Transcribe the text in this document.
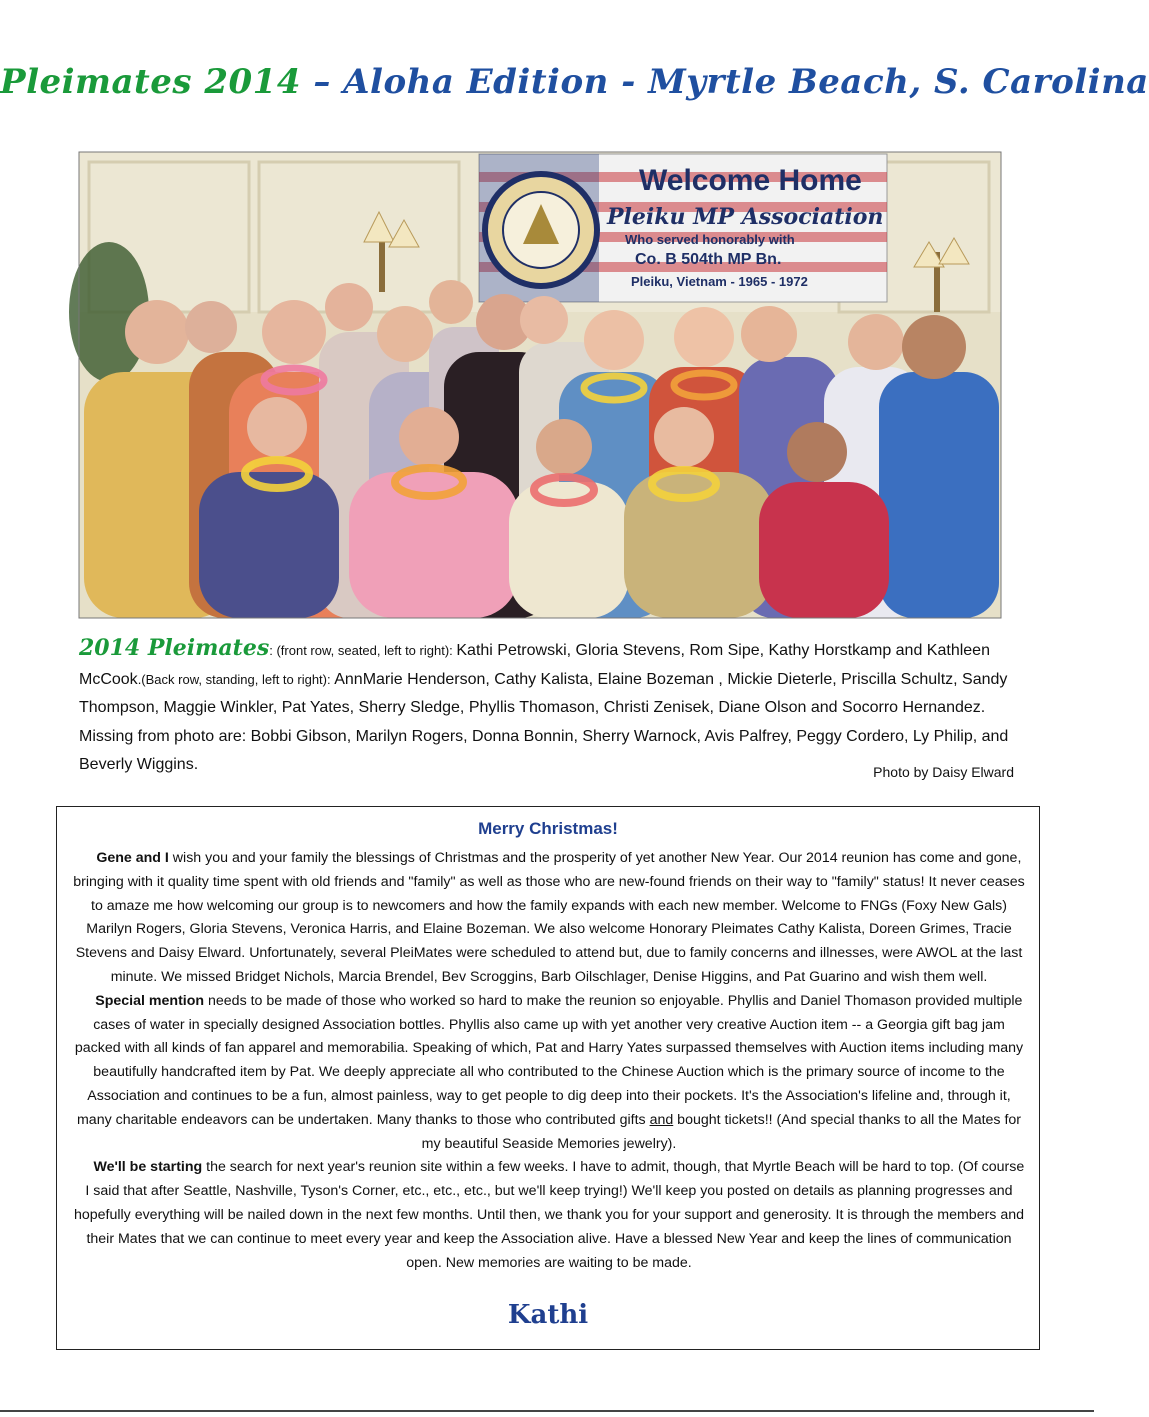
Pleimates 2014 – Aloha Edition - Myrtle Beach, S. Carolina
Welcome Home
Pleiku MP Association
Who served honorably with
Co. B 504th MP Bn.
Pleiku, Vietnam - 1965 - 1972
2014 Pleimates: (front row, seated, left to right): Kathi Petrowski, Gloria Stevens, Rom Sipe, Kathy Horstkamp and Kathleen McCook.(Back row, standing, left to right): AnnMarie Henderson, Cathy Kalista, Elaine Bozeman , Mickie Dieterle, Priscilla Schultz, Sandy Thompson, Maggie Winkler, Pat Yates, Sherry Sledge, Phyllis Thomason, Christi Zenisek, Diane Olson and Socorro Hernandez. Missing from photo are: Bobbi Gibson, Marilyn Rogers, Donna Bonnin, Sherry Warnock, Avis Palfrey, Peggy Cordero, Ly Philip, and Beverly Wiggins.	Photo by Daisy Elward
Merry Christmas!

Gene and I wish you and your family the blessings of Christmas and the prosperity of yet another New Year. Our 2014 reunion has come and gone, bringing with it quality time spent with old friends and "family" as well as those who are new-found friends on their way to "family" status! It never ceases to amaze me how welcoming our group is to newcomers and how the family expands with each new member. Welcome to FNGs (Foxy New Gals) Marilyn Rogers, Gloria Stevens, Veronica Harris, and Elaine Bozeman. We also welcome Honorary Pleimates Cathy Kalista, Doreen Grimes, Tracie Stevens and Daisy Elward. Unfortunately, several PleiMates were scheduled to attend but, due to family concerns and illnesses, were AWOL at the last minute. We missed Bridget Nichols, Marcia Brendel, Bev Scroggins, Barb Oilschlager, Denise Higgins, and Pat Guarino and wish them well.

Special mention needs to be made of those who worked so hard to make the reunion so enjoyable. Phyllis and Daniel Thomason provided multiple cases of water in specially designed Association bottles. Phyllis also came up with yet another very creative Auction item -- a Georgia gift bag jam packed with all kinds of fan apparel and memorabilia. Speaking of which, Pat and Harry Yates surpassed themselves with Auction items including many beautifully handcrafted item by Pat. We deeply appreciate all who contributed to the Chinese Auction which is the primary source of income to the Association and continues to be a fun, almost painless, way to get people to dig deep into their pockets. It's the Association's lifeline and, through it, many charitable endeavors can be undertaken. Many thanks to those who contributed gifts and bought tickets!! (And special thanks to all the Mates for my beautiful Seaside Memories jewelry).

We'll be starting the search for next year's reunion site within a few weeks. I have to admit, though, that Myrtle Beach will be hard to top. (Of course I said that after Seattle, Nashville, Tyson's Corner, etc., etc., etc., but we'll keep trying!) We'll keep you posted on details as planning progresses and hopefully everything will be nailed down in the next few months. Until then, we thank you for your support and generosity. It is through the members and their Mates that we can continue to meet every year and keep the Association alive. Have a blessed New Year and keep the lines of communication open. New memories are waiting to be made.

Kathi
